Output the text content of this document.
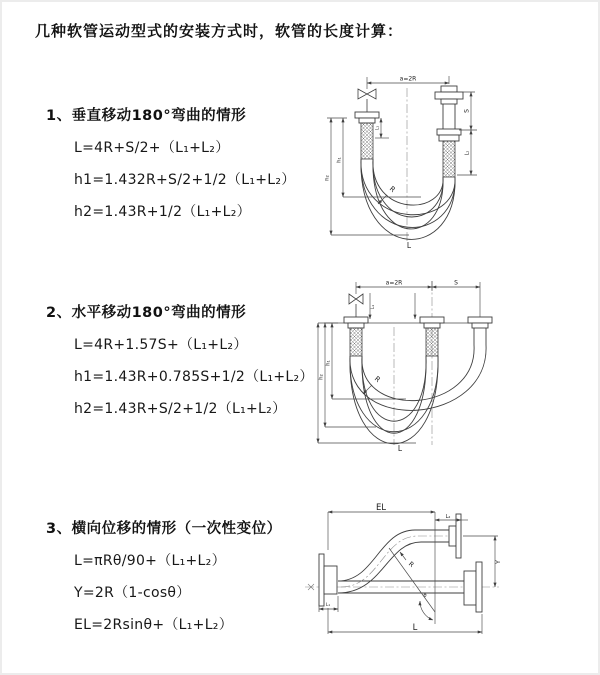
几种软管运动型式的安装方式时，软管的长度计算：
1、垂直移动180°弯曲的情形
L=4R+S/2+（L₁+L₂）
h1=1.432R+S/2+1/2（L₁+L₂）
h2=1.43R+1/2（L₁+L₂）
2、水平移动180°弯曲的情形
L=4R+1.57S+（L₁+L₂）
h1=1.43R+0.785S+1/2（L₁+L₂）
h2=1.43R+S/2+1/2（L₁+L₂）
3、横向位移的情形（一次性变位）
L=πRθ/90+（L₁+L₂）
Y=2R（1-cosθ）
EL=2Rsinθ+（L₁+L₂）
a=2R
h₂
h₁
L₁
S
L₂
R
L
a=2R	S
L₁
h₁
h₂
L
R
EL
L₂
Y
θ
R
L₁
L
